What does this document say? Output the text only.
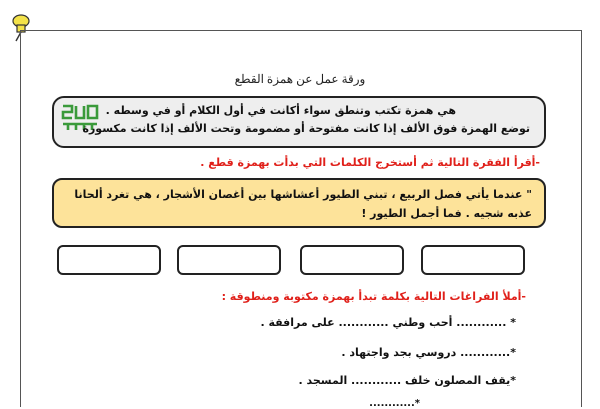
ورقة عمل عن همزة القطع
هي همزة تكتب وتنطق سواء أكانت في أول الكلام أو في وسطه .
توضع الهمزة فوق الألف إذا كانت مفتوحة أو مضمومة وتحت الألف إذا كانت مكسورة
-أقرأ الفقرة التالية ثم أستخرج الكلمات التي بدأت بهمزة قطع .
" عندما يأتي فصل الربيع ، تبني الطيور أعشاشها بين أغصان الأشجار ، هي تغرد ألحانا
عذبه شجيه . فما أجمل الطيور !
-أملأ الفراغات التالية بكلمة تبدأ بهمزة مكتوبة ومنطوقة :
* ............ أحب وطني ............ على مرافقة .
*............ دروسي بجد واجتهاد .
*يقف المصلون خلف ............ المسجد .
*............
